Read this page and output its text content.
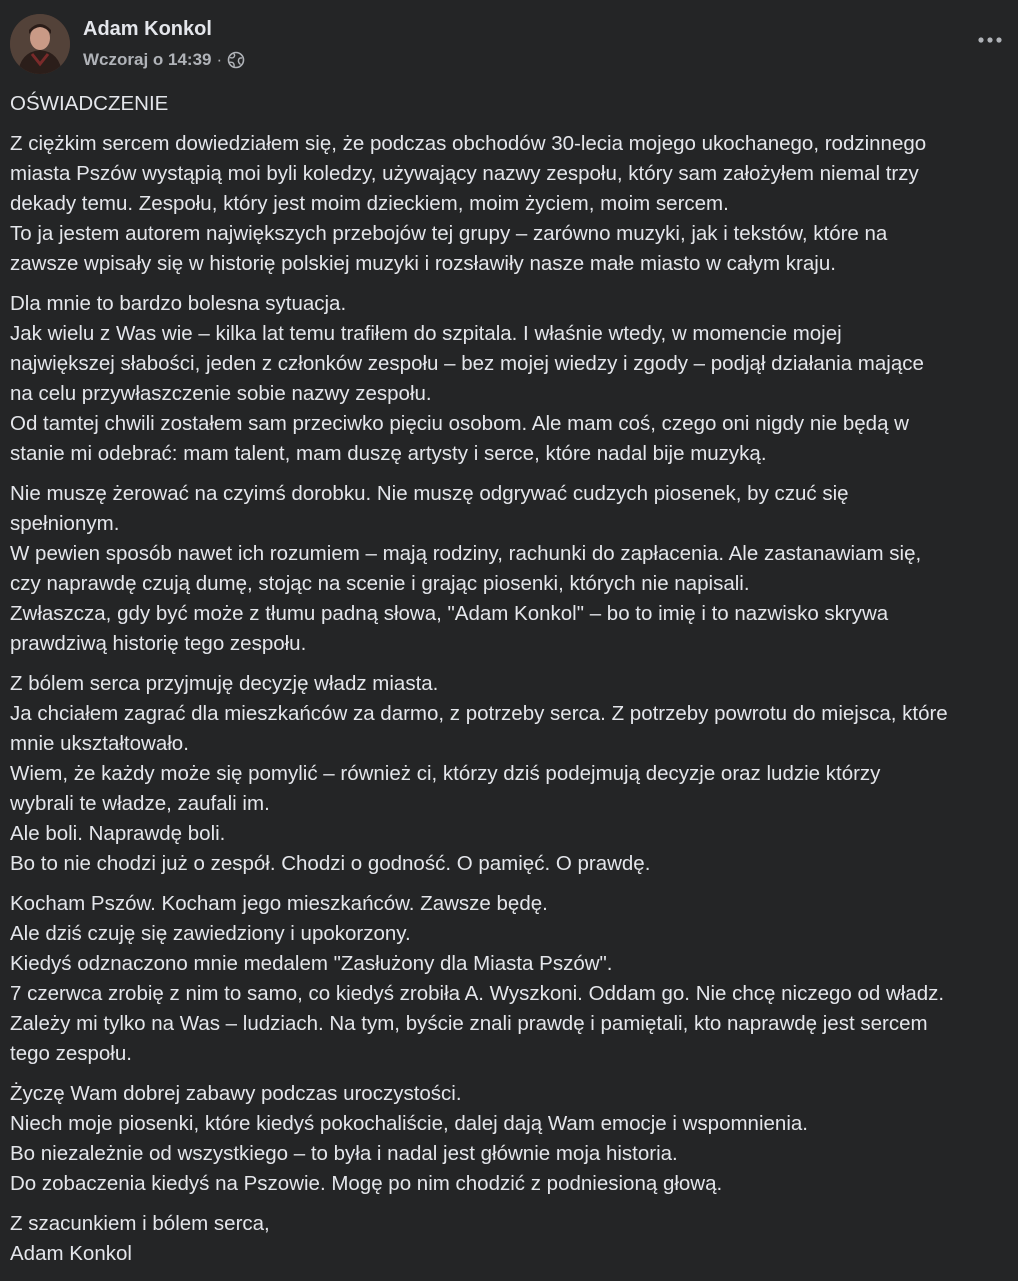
Adam Konkol
Wczoraj o 14:39 ·
OŚWIADCZENIE
Z ciężkim sercem dowiedziałem się, że podczas obchodów 30-lecia mojego ukochanego, rodzinnego
miasta Pszów wystąpią moi byli koledzy, używający nazwy zespołu, który sam założyłem niemal trzy
dekady temu. Zespołu, który jest moim dzieckiem, moim życiem, moim sercem.
To ja jestem autorem największych przebojów tej grupy – zarówno muzyki, jak i tekstów, które na
zawsze wpisały się w historię polskiej muzyki i rozsławiły nasze małe miasto w całym kraju.
Dla mnie to bardzo bolesna sytuacja.
Jak wielu z Was wie – kilka lat temu trafiłem do szpitala. I właśnie wtedy, w momencie mojej
największej słabości, jeden z członków zespołu – bez mojej wiedzy i zgody – podjął działania mające
na celu przywłaszczenie sobie nazwy zespołu.
Od tamtej chwili zostałem sam przeciwko pięciu osobom. Ale mam coś, czego oni nigdy nie będą w
stanie mi odebrać: mam talent, mam duszę artysty i serce, które nadal bije muzyką.
Nie muszę żerować na czyimś dorobku. Nie muszę odgrywać cudzych piosenek, by czuć się
spełnionym.
W pewien sposób nawet ich rozumiem – mają rodziny, rachunki do zapłacenia. Ale zastanawiam się,
czy naprawdę czują dumę, stojąc na scenie i grając piosenki, których nie napisali.
Zwłaszcza, gdy być może z tłumu padną słowa, "Adam Konkol" – bo to imię i to nazwisko skrywa
prawdziwą historię tego zespołu.
Z bólem serca przyjmuję decyzję władz miasta.
Ja chciałem zagrać dla mieszkańców za darmo, z potrzeby serca. Z potrzeby powrotu do miejsca, które
mnie ukształtowało.
Wiem, że każdy może się pomylić – również ci, którzy dziś podejmują decyzje oraz ludzie którzy
wybrali te władze, zaufali im.
Ale boli. Naprawdę boli.
Bo to nie chodzi już o zespół. Chodzi o godność. O pamięć. O prawdę.
Kocham Pszów. Kocham jego mieszkańców. Zawsze będę.
Ale dziś czuję się zawiedziony i upokorzony.
Kiedyś odznaczono mnie medalem "Zasłużony dla Miasta Pszów".
7 czerwca zrobię z nim to samo, co kiedyś zrobiła A. Wyszkoni. Oddam go. Nie chcę niczego od władz.
Zależy mi tylko na Was – ludziach. Na tym, byście znali prawdę i pamiętali, kto naprawdę jest sercem
tego zespołu.
Życzę Wam dobrej zabawy podczas uroczystości.
Niech moje piosenki, które kiedyś pokochaliście, dalej dają Wam emocje i wspomnienia.
Bo niezależnie od wszystkiego – to była i nadal jest głównie moja historia.
Do zobaczenia kiedyś na Pszowie. Mogę po nim chodzić z podniesioną głową.
Z szacunkiem i bólem serca,
Adam Konkol
